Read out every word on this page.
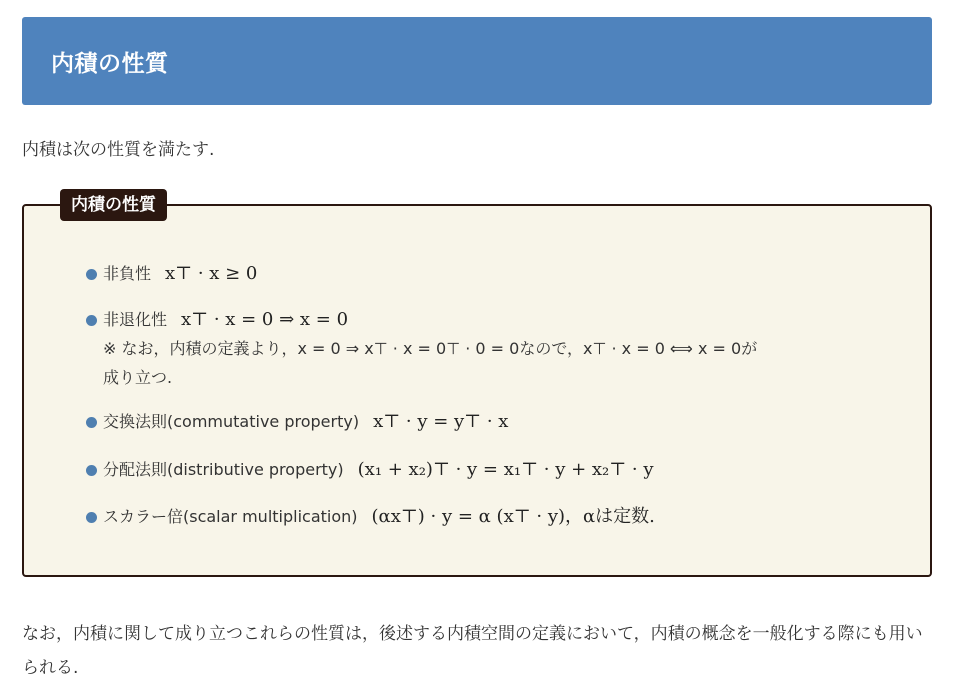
内積の性質

内積は次の性質を満たす.

非負性 x⊤ · x ≥ 0
非退化性 x⊤ · x = 0 ⇒ x = 0
※ なお，内積の定義より，x = 0 ⇒ x⊤ · x = 0⊤ · 0 = 0なので，x⊤ · x = 0 ⟺ x = 0が
成り立つ.
交換法則(commutative property) x⊤ · y = y⊤ · x
分配法則(distributive property) (x₁ + x₂)⊤ · y = x₁⊤ · y + x₂⊤ · y
スカラー倍(scalar multiplication) (αx⊤) · y = α (x⊤ · y)，αは定数.
内積の性質

なお，内積に関して成り立つこれらの性質は，後述する内積空間の定義において，内積の概念を一般化する際にも用いられる.
